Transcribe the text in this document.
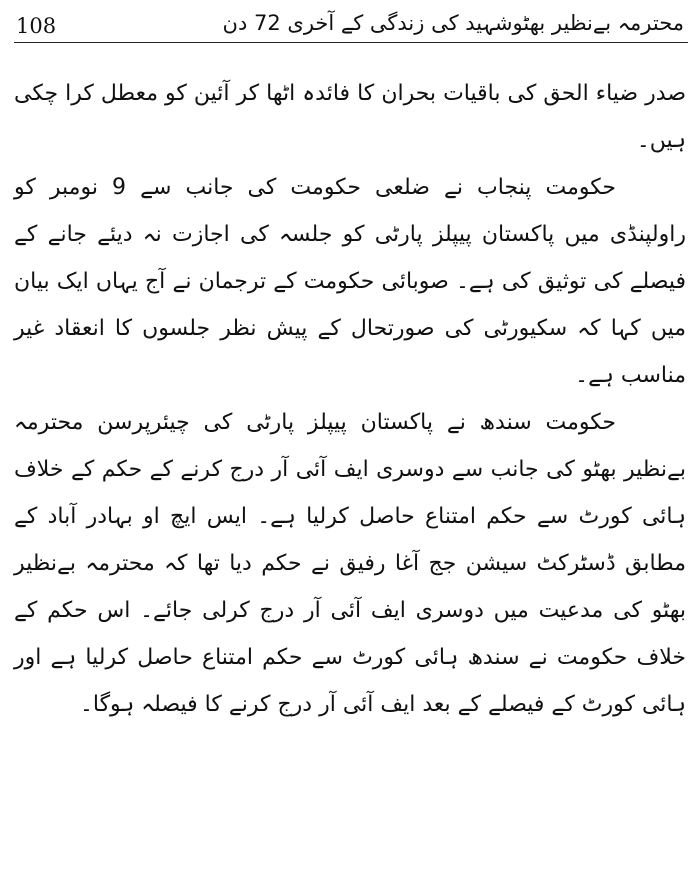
108	محترمہ بےنظیر بھٹوشہید کی زندگی کے آخری 72 دن

صدر ضیاء الحق کی باقیات بحران کا فائدہ اٹھا کر آئین کو معطل کرا چکی ہیں۔

حکومت پنجاب نے ضلعی حکومت کی جانب سے 9 نومبر کو راولپنڈی میں پاکستان پیپلز پارٹی کو جلسہ کی اجازت نہ دیئے جانے کے فیصلے کی توثیق کی ہے۔ صوبائی حکومت کے ترجمان نے آج یہاں ایک بیان میں کہا کہ سکیورٹی کی صورتحال کے پیش نظر جلسوں کا انعقاد غیر مناسب ہے۔

حکومت سندھ نے پاکستان پیپلز پارٹی کی چیئرپرسن محترمہ بےنظیر بھٹو کی جانب سے دوسری ایف آئی آر درج کرنے کے حکم کے خلاف ہائی کورٹ سے حکم امتناع حاصل کرلیا ہے۔ ایس ایچ او بہادر آباد کے مطابق ڈسٹرکٹ سیشن جج آغا رفیق نے حکم دیا تھا کہ محترمہ بےنظیر بھٹو کی مدعیت میں دوسری ایف آئی آر درج کرلی جائے۔ اس حکم کے خلاف حکومت نے سندھ ہائی کورٹ سے حکم امتناع حاصل کرلیا ہے اور ہائی کورٹ کے فیصلے کے بعد ایف آئی آر درج کرنے کا فیصلہ ہوگا۔
